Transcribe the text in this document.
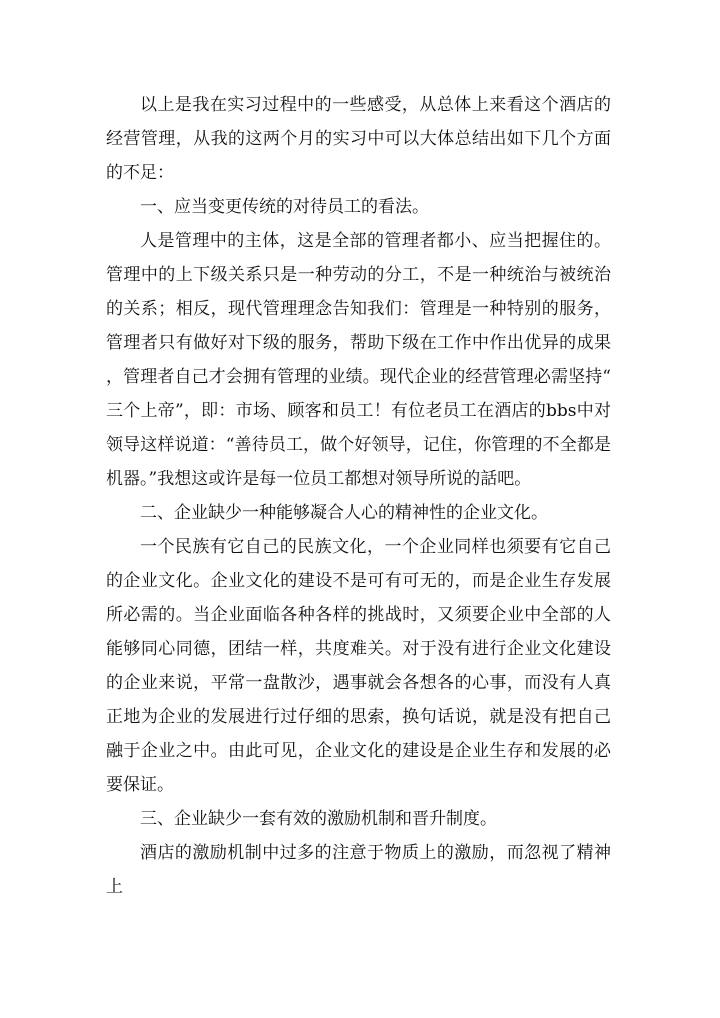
以上是我在实习过程中的一些感受，从总体上来看这个酒店的经营管理，从我的这两个月的实习中可以大体总结出如下几个方面的不足：

一、应当变更传统的对待员工的看法。

人是管理中的主体，这是全部的管理者都小、应当把握住的。管理中的上下级关系只是一种劳动的分工，不是一种统治与被统治的关系；相反，现代管理理念告知我们：管理是一种特别的服务，管理者只有做好对下级的服务，帮助下级在工作中作出优异的成果，管理者自己才会拥有管理的业绩。现代企业的经营管理必需坚持“三个上帝”，即：市场、顾客和员工！有位老员工在酒店的bbs中对领导这样说道：“善待员工，做个好领导，记住，你管理的不全都是机器。”我想这或许是每一位员工都想对领导所说的話吧。

二、企业缺少一种能够凝合人心的精神性的企业文化。

一个民族有它自己的民族文化，一个企业同样也须要有它自己的企业文化。企业文化的建设不是可有可无的，而是企业生存发展所必需的。当企业面临各种各样的挑战时，又须要企业中全部的人能够同心同德，团结一样，共度难关。对于没有进行企业文化建设的企业来说，平常一盘散沙，遇事就会各想各的心事，而没有人真正地为企业的发展进行过仔细的思索，换句话说，就是没有把自己融于企业之中。由此可见，企业文化的建设是企业生存和发展的必要保证。

三、企业缺少一套有效的激励机制和晋升制度。

酒店的激励机制中过多的注意于物质上的激励，而忽视了精神上
